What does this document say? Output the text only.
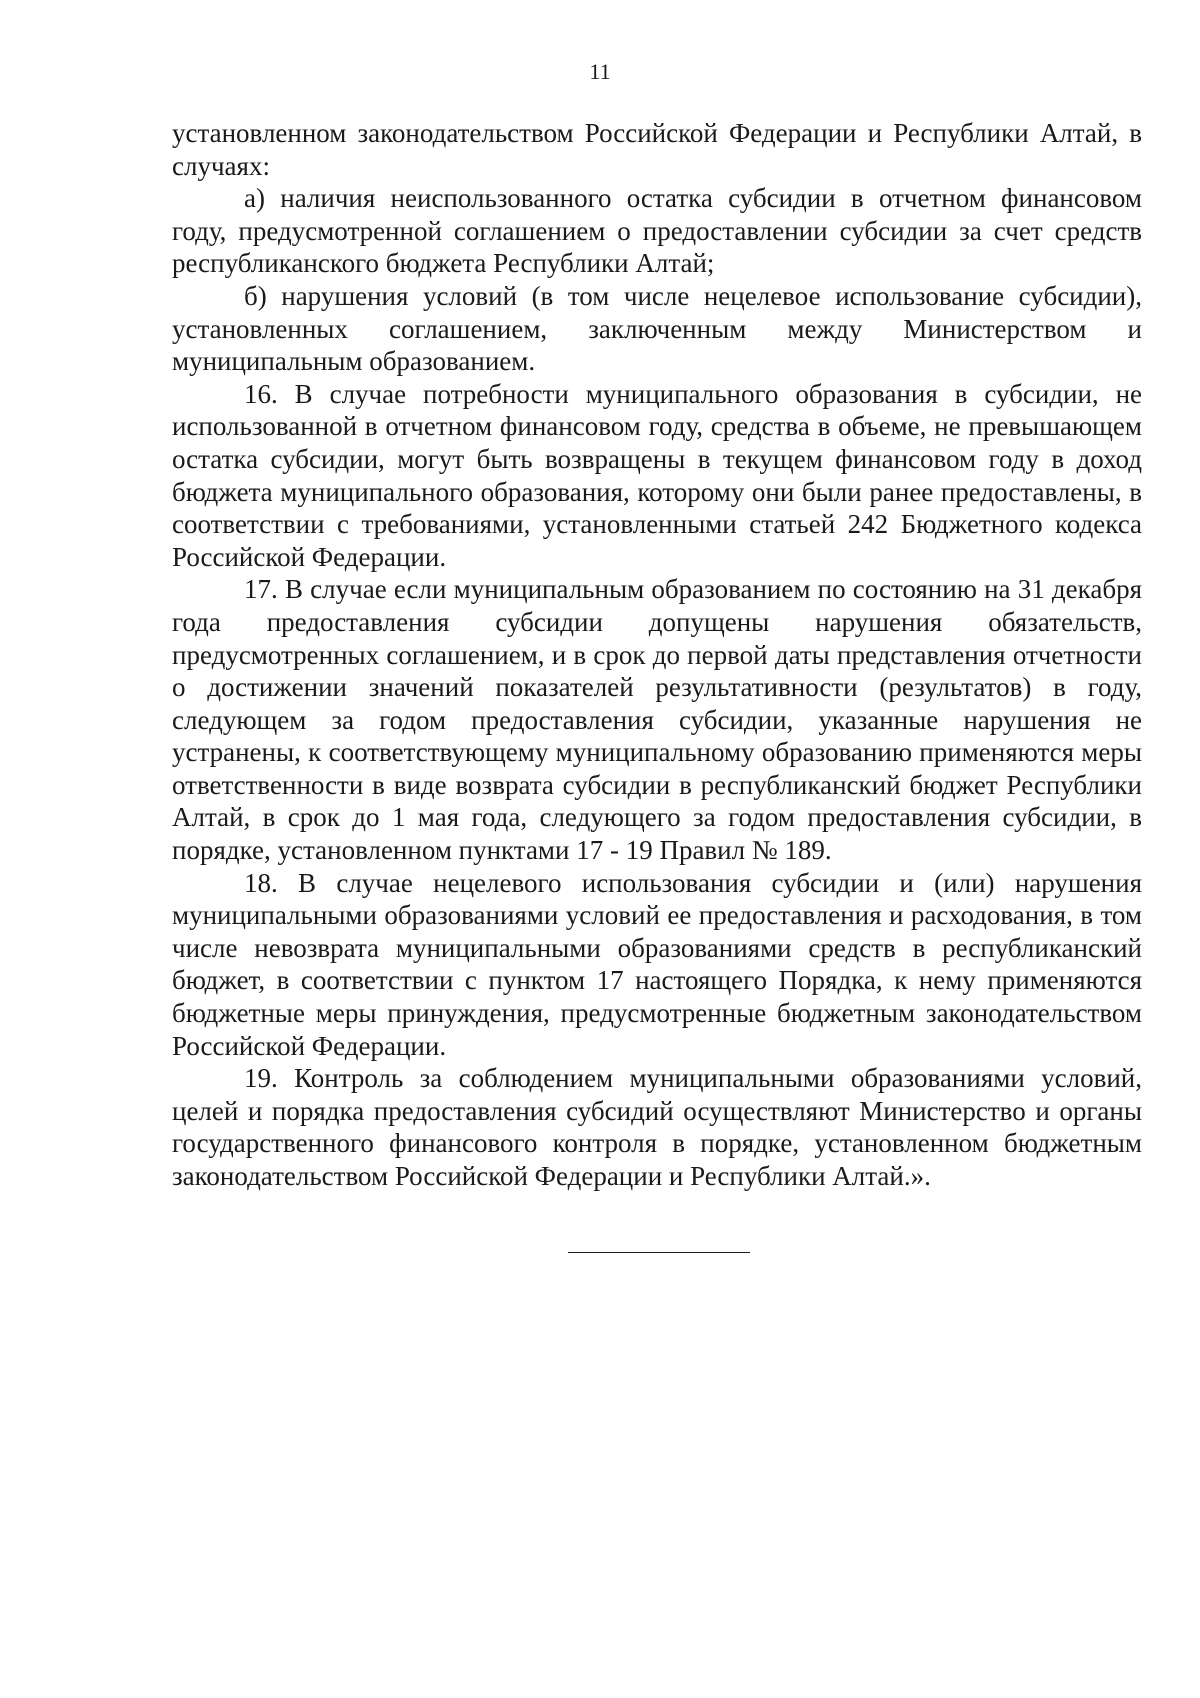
11

установленном законодательством Российской Федерации и Республики Алтай, в случаях:

а) наличия неиспользованного остатка субсидии в отчетном финансовом году, предусмотренной соглашением о предоставлении субсидии за счет средств республиканского бюджета Республики Алтай;

б) нарушения условий (в том числе нецелевое использование субсидии), установленных соглашением, заключенным между Министерством и муниципальным образованием.

16. В случае потребности муниципального образования в субсидии, не использованной в отчетном финансовом году, средства в объеме, не превышающем остатка субсидии, могут быть возвращены в текущем финансовом году в доход бюджета муниципального образования, которому они были ранее предоставлены, в соответствии с требованиями, установленными статьей 242 Бюджетного кодекса Российской Федерации.

17. В случае если муниципальным образованием по состоянию на 31 декабря года предоставления субсидии допущены нарушения обязательств, предусмотренных соглашением, и в срок до первой даты представления отчетности о достижении значений показателей результативности (результатов) в году, следующем за годом предоставления субсидии, указанные нарушения не устранены, к соответствующему муниципальному образованию применяются меры ответственности в виде возврата субсидии в республиканский бюджет Республики Алтай, в срок до 1 мая года, следующего за годом предоставления субсидии, в порядке, установленном пунктами 17 - 19 Правил № 189.

18. В случае нецелевого использования субсидии и (или) нарушения муниципальными образованиями условий ее предоставления и расходования, в том числе невозврата муниципальными образованиями средств в республиканский бюджет, в соответствии с пунктом 17 настоящего Порядка, к нему применяются бюджетные меры принуждения, предусмотренные бюджетным законодательством Российской Федерации.

19. Контроль за соблюдением муниципальными образованиями условий, целей и порядка предоставления субсидий осуществляют Министерство и органы государственного финансового контроля в порядке, установленном бюджетным законодательством Российской Федерации и Республики Алтай.».
